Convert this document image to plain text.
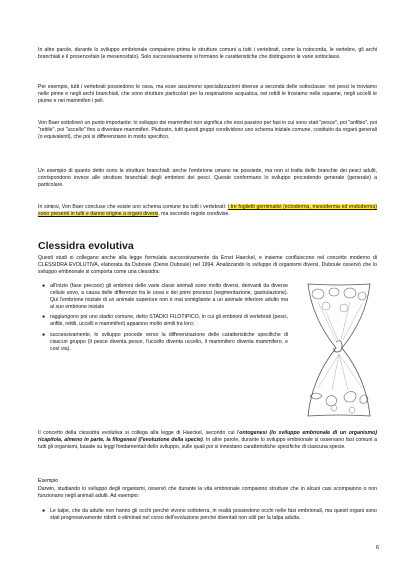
In altre parole, durante lo sviluppo embrionale compaiono prima le strutture comuni a tutti i vertebrati, come la notocorda, le vertebre, gli archi branchiali e il prosencefalo (e mesencefalo). Solo successivamente si formano le caratteristiche che distinguono le varie sottoclassi.

Per esempio, tutti i vertebrati possiedono le ossa, ma esse assumono specializzazioni diverse a seconda delle sottoclasse: nei pesci le troviamo nelle pinne e negli archi branchiali, che sono strutture particolari per la respirazione acquatica, nei rettili le troviamo nelle squame, negli uccelli le piume e nei mammiferi i peli.

Von Baer sottolineò un punto importante: lo sviluppo dei mammiferi non significa che essi passino per fasi in cui sono stati "pesce", poi "anfibio", poi "rettile", poi "uccello" fino a diventare mammiferi. Piuttosto, tutti questi gruppi condividono uno schema iniziale comune, costituito da organi generali (o equivalenti), che poi si differenziano in modo specifico.

Un esempio di quanto detto sono le strutture branchiali: anche l'embrione umano ne possiede, ma non si tratta delle branchie dei pesci adulti, corrispondono invece alle strutture branchiali degli embrioni dei pesci. Queste conformano lo sviluppo procedendo generale (generale) a particolare.

In sintesi, Von Baer concluse che esiste uno schema comune tra tutti i vertebrati: i tre foglietti germinativi (ectoderma, mesoderma ed endoderma) sono presenti in tutti e danno origine a organi diversi, ma secondo regole condivise.

Clessidra evolutiva

Questi studi si collegano anche alla legge formulata successivamente da Ernst Haeckel, e insieme confluiscono nel concetto moderno di CLESSIDRA EVOLUTIVA, elaborata da Duboule (Denis Duboule) nel 1994. Analizzando lo sviluppo di organismi diversi, Duboule osservò che lo sviluppo embrionale si comporta come una clessidra:

● all'inizio (fase precoce) gli embrioni delle varie classi animali sono molto diversi, derivanti da diverse cellule uovo, a causa delle differenze tra le uova e dei primi processi (segmentazione, gastrulazione). Qui l'embrione iniziale di un animale superiore non è mai somigliante a un animale inferiore adulto ma al suo embrione iniziale
● raggiungono poi uno stadio comune, detto STADIO FILOTIPICO, in cui gli embrioni di vertebrati (pesci, anfibi, rettili, uccelli e mammiferi) appaiono molto simili tra loro;
● successivamente, lo sviluppo procede verso la differenziazione delle caratteristiche specifiche di ciascun gruppo (il pesce diventa pesce, l'uccello diventa uccello, il mammifero diventa mammifero, e così via).
·

Il concetto della clessidra evolutiva si collega alla legge di Haeckel, secondo cui l'ontogenesi (lo sviluppo embrionale di un organismo) ricapitola, almeno in parte, la filogenesi (l'evoluzione della specie). In altre parole, durante lo sviluppo embrionale si osservano fasi comuni a tutti gli organismi, basate su leggi fondamentali dello sviluppo, sulle quali poi si innestano caratteristiche specifiche di ciascuna specie.

Esempio

Darwin, studiando lo sviluppo degli organismi, osservò che durante la vita embrionale compaiono strutture che in alcuni casi scompaiono o non funzionano negli animali adulti. Ad esempio:

● Le talpe, che da adulte non hanno gli occhi perché vivono sottoterra, in realtà possiedono occhi nelle fasi embrionali, ma questi organi sono stati progressivamente ridotti o eliminati nel corso dell'evoluzione perché diventati non utili per la talpa adulta.
6
